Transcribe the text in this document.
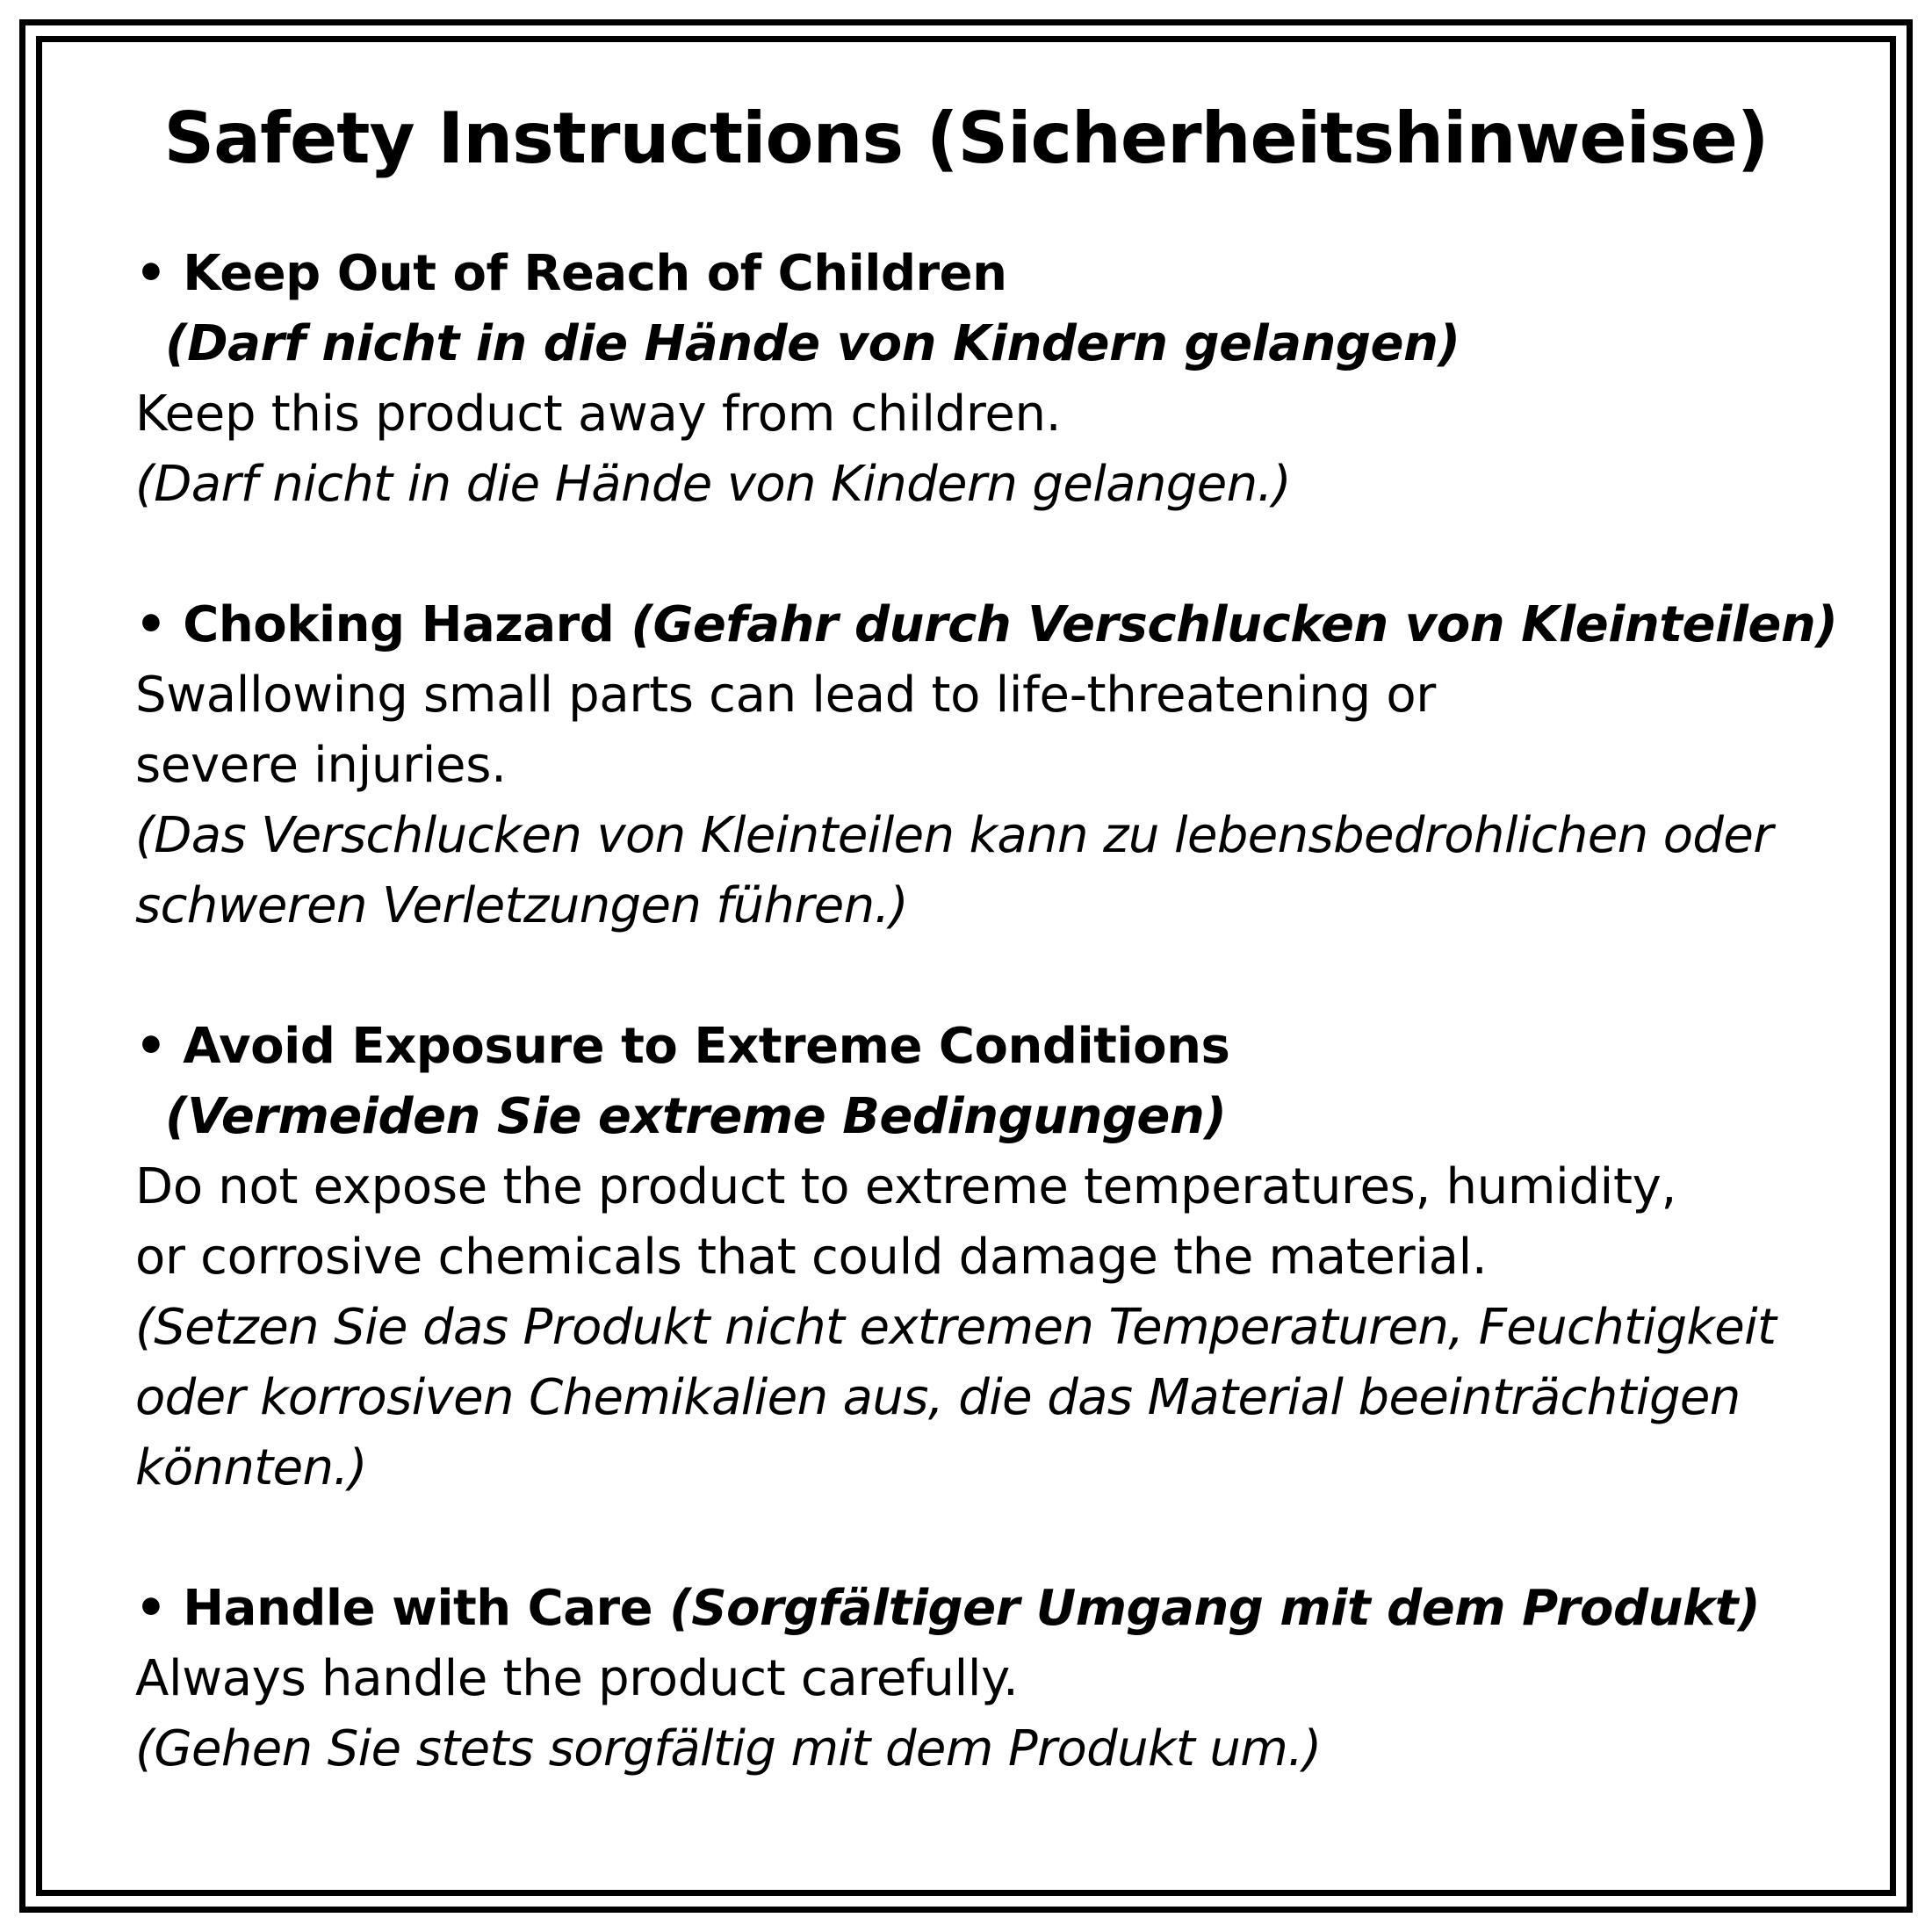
Safety Instructions (Sicherheitshinweise)
• Keep Out of Reach of Children
(Darf nicht in die Hände von Kindern gelangen)
Keep this product away from children.
(Darf nicht in die Hände von Kindern gelangen.)
• Choking Hazard (Gefahr durch Verschlucken von Kleinteilen)
Swallowing small parts can lead to life-threatening or
severe injuries.
(Das Verschlucken von Kleinteilen kann zu lebensbedrohlichen oder
schweren Verletzungen führen.)
• Avoid Exposure to Extreme Conditions
(Vermeiden Sie extreme Bedingungen)
Do not expose the product to extreme temperatures, humidity,
or corrosive chemicals that could damage the material.
(Setzen Sie das Produkt nicht extremen Temperaturen, Feuchtigkeit
oder korrosiven Chemikalien aus, die das Material beeinträchtigen
könnten.)
• Handle with Care (Sorgfältiger Umgang mit dem Produkt)
Always handle the product carefully.
(Gehen Sie stets sorgfältig mit dem Produkt um.)
